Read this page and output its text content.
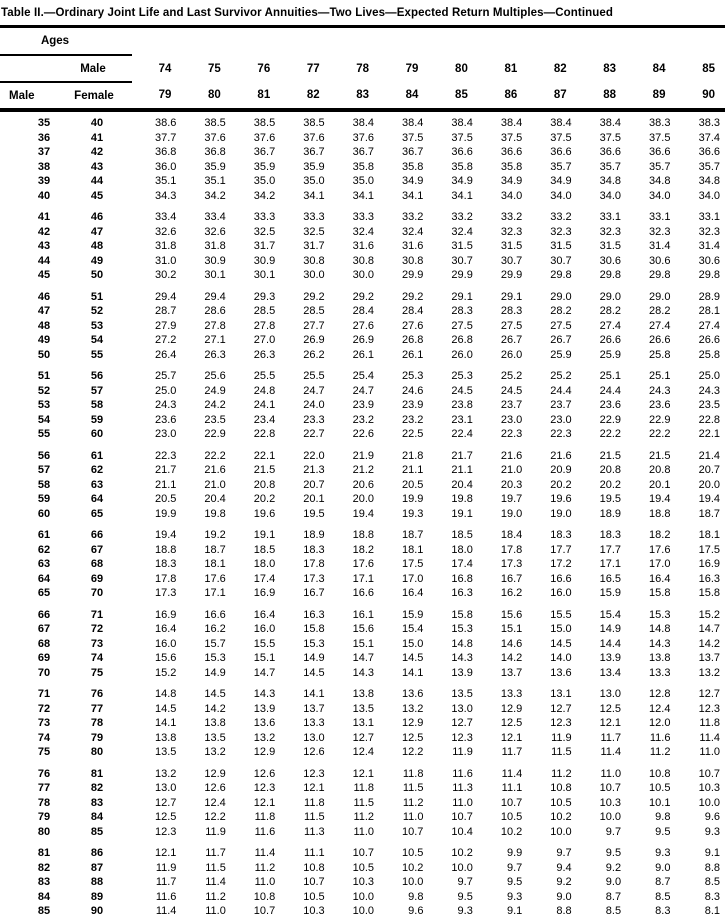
Table II.—Ordinary Joint Life and Last Survivor Annuities—Two Lives—Expected Return Multiples—Continued
Ages													
	Male	74	75	76	77	78	79	80	81	82	83	84	85
Male	Female	79	80	81	82	83	84	85	86	87	88	89	90
35	40	38.6	38.5	38.5	38.5	38.4	38.4	38.4	38.4	38.4	38.4	38.3	38.3
36	41	37.7	37.6	37.6	37.6	37.6	37.5	37.5	37.5	37.5	37.5	37.5	37.4
37	42	36.8	36.8	36.7	36.7	36.7	36.7	36.6	36.6	36.6	36.6	36.6	36.6
38	43	36.0	35.9	35.9	35.9	35.8	35.8	35.8	35.8	35.7	35.7	35.7	35.7
39	44	35.1	35.1	35.0	35.0	35.0	34.9	34.9	34.9	34.9	34.8	34.8	34.8
40	45	34.3	34.2	34.2	34.1	34.1	34.1	34.1	34.0	34.0	34.0	34.0	34.0
41	46	33.4	33.4	33.3	33.3	33.3	33.2	33.2	33.2	33.2	33.1	33.1	33.1
42	47	32.6	32.6	32.5	32.5	32.4	32.4	32.4	32.3	32.3	32.3	32.3	32.3
43	48	31.8	31.8	31.7	31.7	31.6	31.6	31.5	31.5	31.5	31.5	31.4	31.4
44	49	31.0	30.9	30.9	30.8	30.8	30.8	30.7	30.7	30.7	30.6	30.6	30.6
45	50	30.2	30.1	30.1	30.0	30.0	29.9	29.9	29.9	29.8	29.8	29.8	29.8
46	51	29.4	29.4	29.3	29.2	29.2	29.2	29.1	29.1	29.0	29.0	29.0	28.9
47	52	28.7	28.6	28.5	28.5	28.4	28.4	28.3	28.3	28.2	28.2	28.2	28.1
48	53	27.9	27.8	27.8	27.7	27.6	27.6	27.5	27.5	27.5	27.4	27.4	27.4
49	54	27.2	27.1	27.0	26.9	26.9	26.8	26.8	26.7	26.7	26.6	26.6	26.6
50	55	26.4	26.3	26.3	26.2	26.1	26.1	26.0	26.0	25.9	25.9	25.8	25.8
51	56	25.7	25.6	25.5	25.5	25.4	25.3	25.3	25.2	25.2	25.1	25.1	25.0
52	57	25.0	24.9	24.8	24.7	24.7	24.6	24.5	24.5	24.4	24.4	24.3	24.3
53	58	24.3	24.2	24.1	24.0	23.9	23.9	23.8	23.7	23.7	23.6	23.6	23.5
54	59	23.6	23.5	23.4	23.3	23.2	23.2	23.1	23.0	23.0	22.9	22.9	22.8
55	60	23.0	22.9	22.8	22.7	22.6	22.5	22.4	22.3	22.3	22.2	22.2	22.1
56	61	22.3	22.2	22.1	22.0	21.9	21.8	21.7	21.6	21.6	21.5	21.5	21.4
57	62	21.7	21.6	21.5	21.3	21.2	21.1	21.1	21.0	20.9	20.8	20.8	20.7
58	63	21.1	21.0	20.8	20.7	20.6	20.5	20.4	20.3	20.2	20.2	20.1	20.0
59	64	20.5	20.4	20.2	20.1	20.0	19.9	19.8	19.7	19.6	19.5	19.4	19.4
60	65	19.9	19.8	19.6	19.5	19.4	19.3	19.1	19.0	19.0	18.9	18.8	18.7
61	66	19.4	19.2	19.1	18.9	18.8	18.7	18.5	18.4	18.3	18.3	18.2	18.1
62	67	18.8	18.7	18.5	18.3	18.2	18.1	18.0	17.8	17.7	17.7	17.6	17.5
63	68	18.3	18.1	18.0	17.8	17.6	17.5	17.4	17.3	17.2	17.1	17.0	16.9
64	69	17.8	17.6	17.4	17.3	17.1	17.0	16.8	16.7	16.6	16.5	16.4	16.3
65	70	17.3	17.1	16.9	16.7	16.6	16.4	16.3	16.2	16.0	15.9	15.8	15.8
66	71	16.9	16.6	16.4	16.3	16.1	15.9	15.8	15.6	15.5	15.4	15.3	15.2
67	72	16.4	16.2	16.0	15.8	15.6	15.4	15.3	15.1	15.0	14.9	14.8	14.7
68	73	16.0	15.7	15.5	15.3	15.1	15.0	14.8	14.6	14.5	14.4	14.3	14.2
69	74	15.6	15.3	15.1	14.9	14.7	14.5	14.3	14.2	14.0	13.9	13.8	13.7
70	75	15.2	14.9	14.7	14.5	14.3	14.1	13.9	13.7	13.6	13.4	13.3	13.2
71	76	14.8	14.5	14.3	14.1	13.8	13.6	13.5	13.3	13.1	13.0	12.8	12.7
72	77	14.5	14.2	13.9	13.7	13.5	13.2	13.0	12.9	12.7	12.5	12.4	12.3
73	78	14.1	13.8	13.6	13.3	13.1	12.9	12.7	12.5	12.3	12.1	12.0	11.8
74	79	13.8	13.5	13.2	13.0	12.7	12.5	12.3	12.1	11.9	11.7	11.6	11.4
75	80	13.5	13.2	12.9	12.6	12.4	12.2	11.9	11.7	11.5	11.4	11.2	11.0
76	81	13.2	12.9	12.6	12.3	12.1	11.8	11.6	11.4	11.2	11.0	10.8	10.7
77	82	13.0	12.6	12.3	12.1	11.8	11.5	11.3	11.1	10.8	10.7	10.5	10.3
78	83	12.7	12.4	12.1	11.8	11.5	11.2	11.0	10.7	10.5	10.3	10.1	10.0
79	84	12.5	12.2	11.8	11.5	11.2	11.0	10.7	10.5	10.2	10.0	9.8	9.6
80	85	12.3	11.9	11.6	11.3	11.0	10.7	10.4	10.2	10.0	9.7	9.5	9.3
81	86	12.1	11.7	11.4	11.1	10.7	10.5	10.2	9.9	9.7	9.5	9.3	9.1
82	87	11.9	11.5	11.2	10.8	10.5	10.2	10.0	9.7	9.4	9.2	9.0	8.8
83	88	11.7	11.4	11.0	10.7	10.3	10.0	9.7	9.5	9.2	9.0	8.7	8.5
84	89	11.6	11.2	10.8	10.5	10.0	9.8	9.5	9.3	9.0	8.7	8.5	8.3
85	90	11.4	11.0	10.7	10.3	10.0	9.6	9.3	9.1	8.8	8.5	8.3	8.1
